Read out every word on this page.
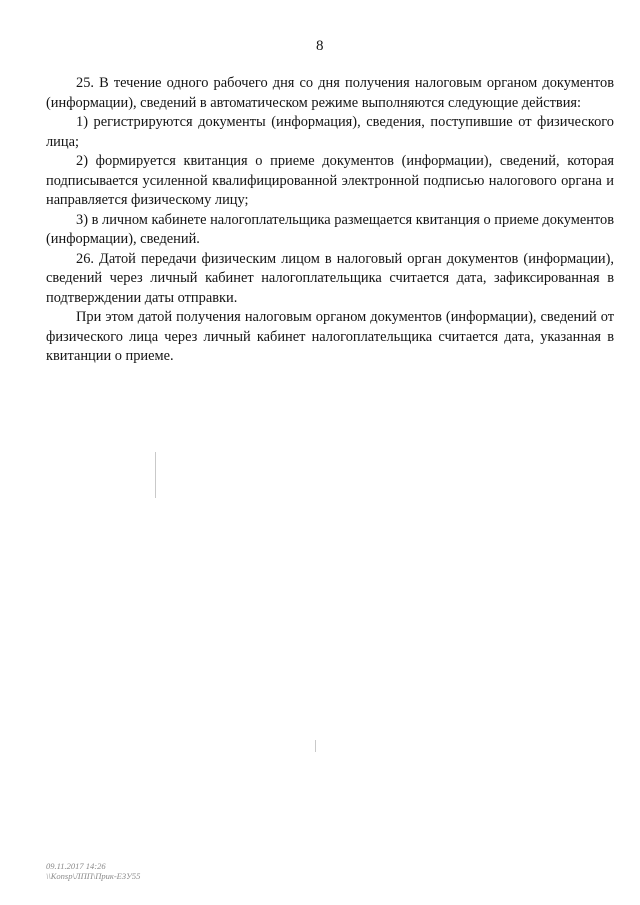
8

25. В течение одного рабочего дня со дня получения налоговым органом документов (информации), сведений в автоматическом режиме выполняются следующие действия:

1) регистрируются документы (информация), сведения, поступившие от физического лица;

2) формируется квитанция о приеме документов (информации), сведений, которая подписывается усиленной квалифицированной электронной подписью налогового органа и направляется физическому лицу;

3) в личном кабинете налогоплательщика размещается квитанция о приеме документов (информации), сведений.

26. Датой передачи физическим лицом в налоговый орган документов (информации), сведений через личный кабинет налогоплательщика считается дата, зафиксированная в подтверждении даты отправки.

При этом датой получения налоговым органом документов (информации), сведений от физического лица через личный кабинет налогоплательщика считается дата, указанная в квитанции о приеме.

09.11.2017 14:26
\\Konsp\ЛПП\Прик-Е3У55
